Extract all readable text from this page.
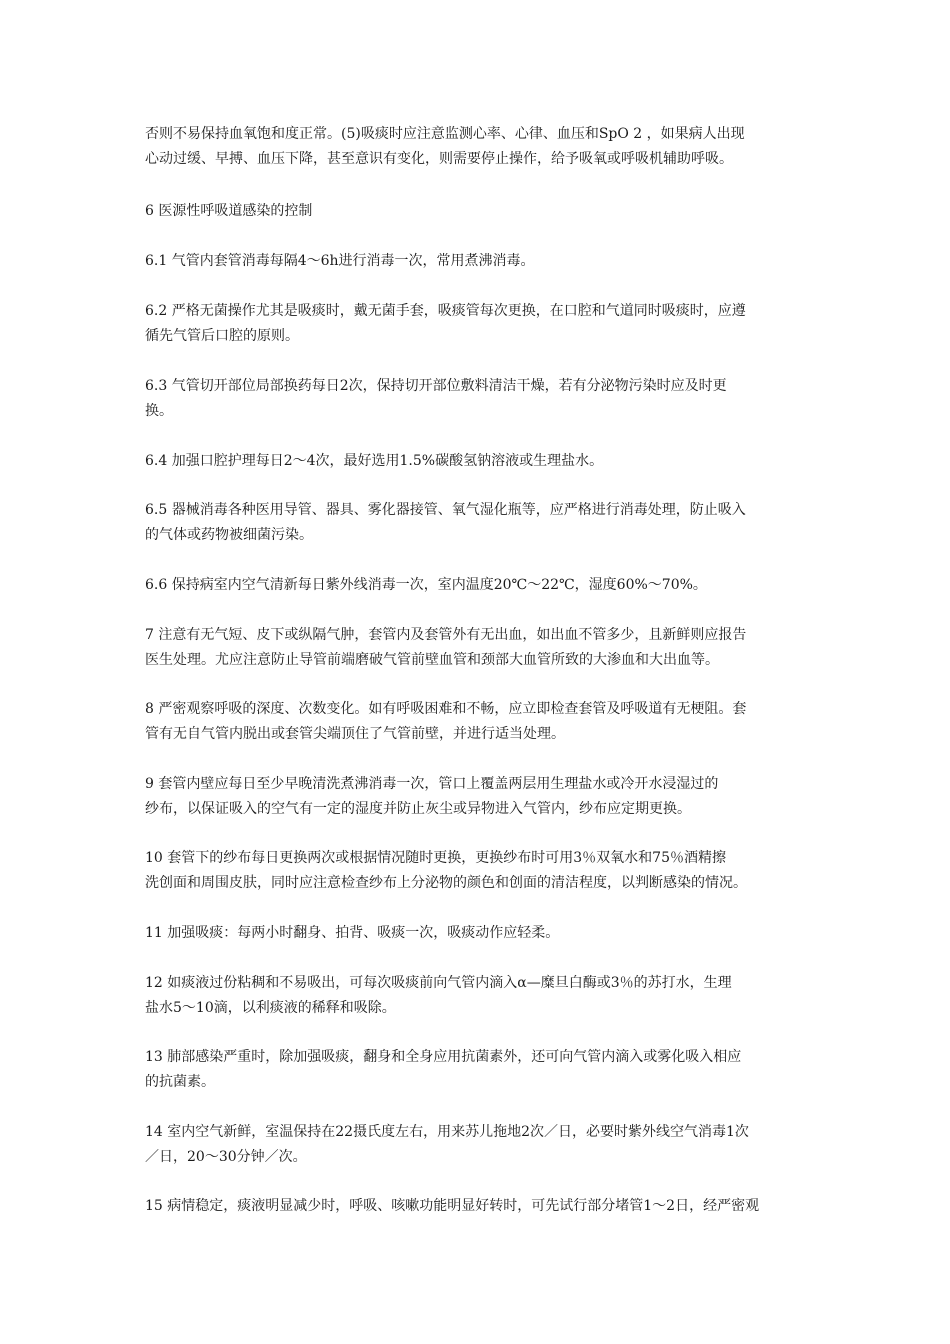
否则不易保持血氧饱和度正常。(5)吸痰时应注意监测心率、心律、血压和SpO 2 ，如果病人出现
心动过缓、早搏、血压下降，甚至意识有变化，则需要停止操作，给予吸氧或呼吸机辅助呼吸。
6 医源性呼吸道感染的控制
6.1 气管内套管消毒每隔4～6h进行消毒一次，常用煮沸消毒。
6.2 严格无菌操作尤其是吸痰时，戴无菌手套，吸痰管每次更换，在口腔和气道同时吸痰时，应遵
循先气管后口腔的原则。
6.3 气管切开部位局部换药每日2次，保持切开部位敷料清洁干燥，若有分泌物污染时应及时更
换。
6.4 加强口腔护理每日2～4次，最好选用1.5%碳酸氢钠溶液或生理盐水。
6.5 器械消毒各种医用导管、器具、雾化器接管、氧气湿化瓶等，应严格进行消毒处理，防止吸入
的气体或药物被细菌污染。
6.6 保持病室内空气清新每日紫外线消毒一次，室内温度20℃～22℃，湿度60%～70%。
7 注意有无气短、皮下或纵隔气肿，套管内及套管外有无出血，如出血不管多少，且新鲜则应报告
医生处理。尤应注意防止导管前端磨破气管前壁血管和颈部大血管所致的大渗血和大出血等。
8 严密观察呼吸的深度、次数变化。如有呼吸困难和不畅，应立即检查套管及呼吸道有无梗阻。套
管有无自气管内脱出或套管尖端顶住了气管前壁，并进行适当处理。
9 套管内壁应每日至少早晚清洗煮沸消毒一次，管口上覆盖两层用生理盐水或冷开水浸湿过的
纱布，以保证吸入的空气有一定的湿度并防止灰尘或异物进入气管内，纱布应定期更换。
10 套管下的纱布每日更换两次或根据情况随时更换，更换纱布时可用3％双氧水和75％酒精擦
洗创面和周围皮肤，同时应注意检查纱布上分泌物的颜色和创面的清洁程度，以判断感染的情况。
11 加强吸痰：每两小时翻身、拍背、吸痰一次，吸痰动作应轻柔。
12 如痰液过份粘稠和不易吸出，可每次吸痰前向气管内滴入α—糜旦白酶或3％的苏打水，生理
盐水5～10滴，以利痰液的稀释和吸除。
13 肺部感染严重时，除加强吸痰，翻身和全身应用抗菌素外，还可向气管内滴入或雾化吸入相应
的抗菌素。
14 室内空气新鲜，室温保持在22摄氏度左右，用来苏儿拖地2次／日，必要时紫外线空气消毒1次
／日，20～30分钟／次。
15 病情稳定，痰液明显减少时，呼吸、咳嗽功能明显好转时，可先试行部分堵管1～2日，经严密观
